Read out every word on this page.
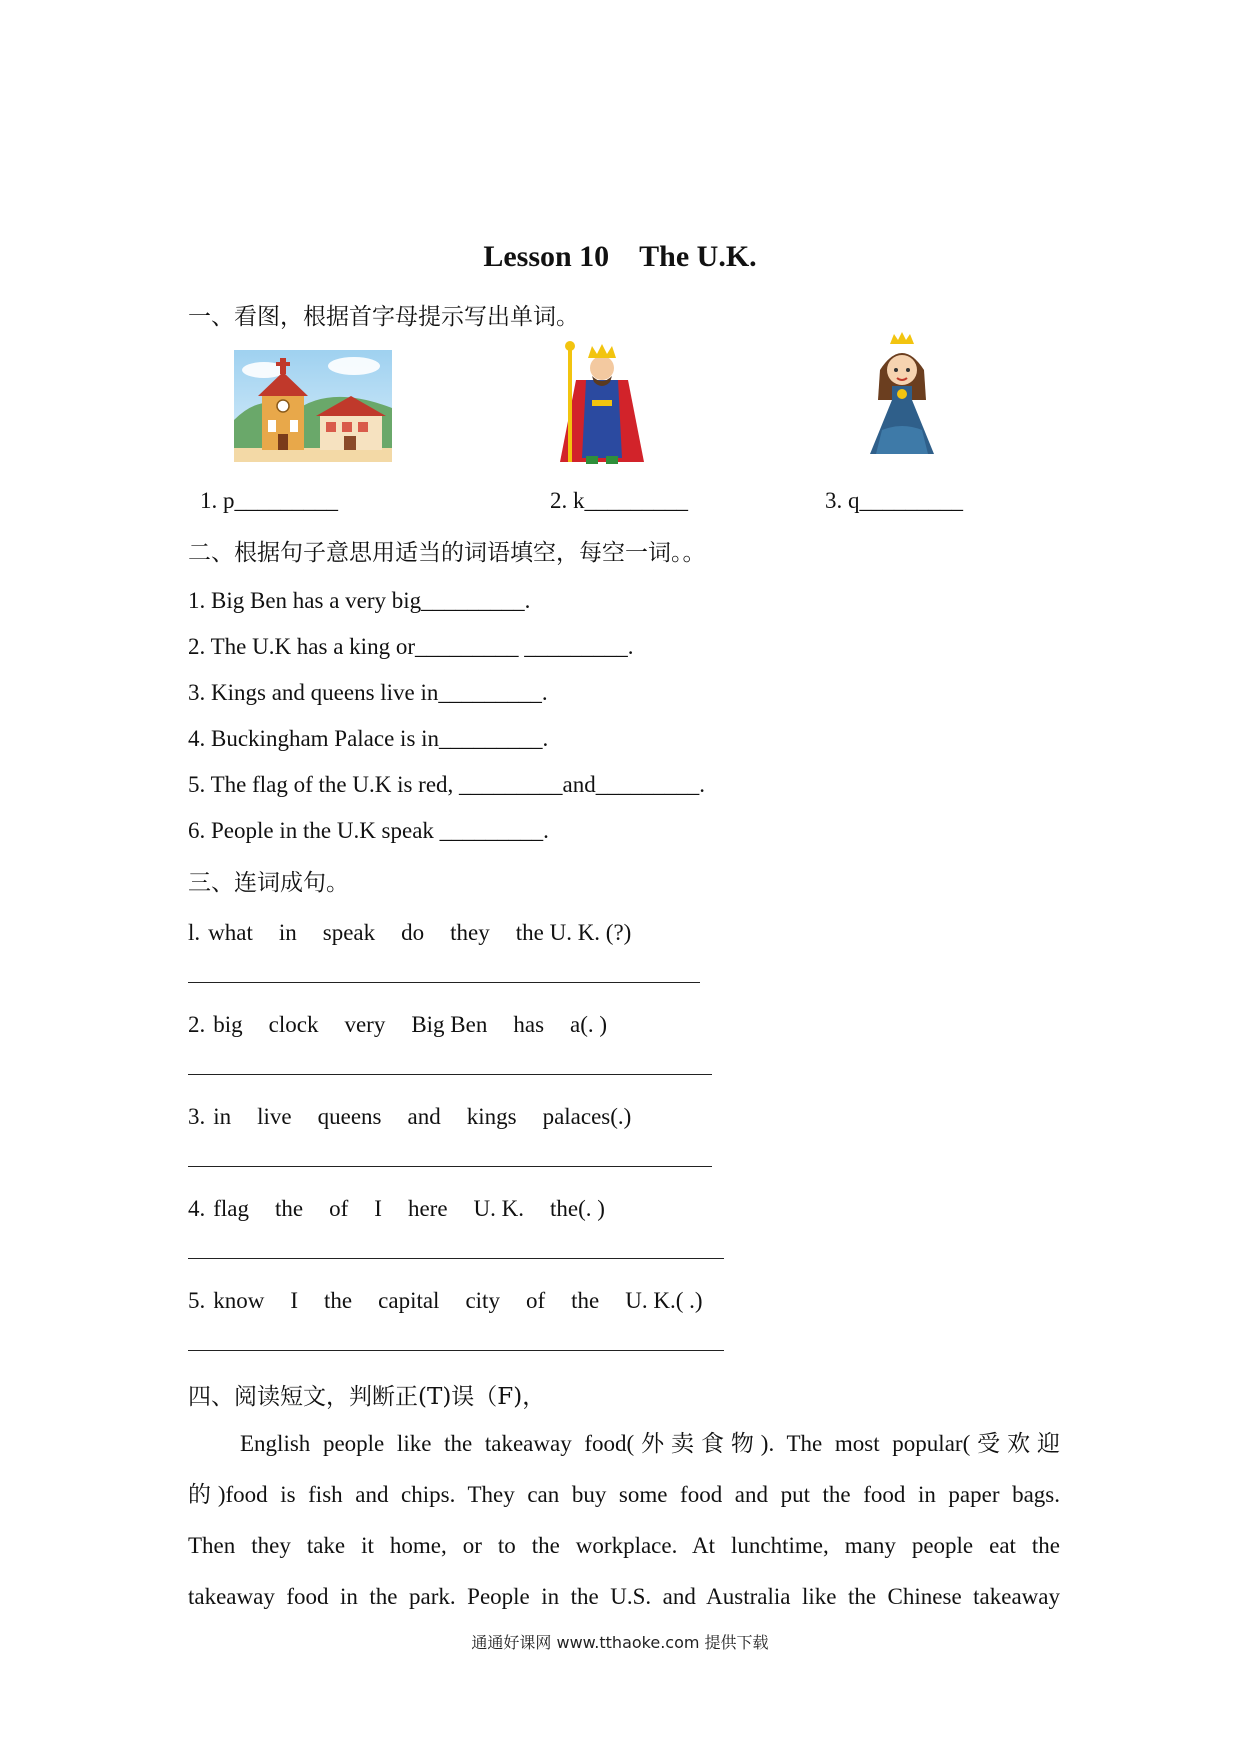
Lesson 10 The U.K.
一、看图，根据首字母提示写出单词。
1. p_________	2. k_________	3. q_________
二、根据句子意思用适当的词语填空，每空一词。。
1. Big Ben has a very big_________.
2. The U.K has a king or_________ _________.
3. Kings and queens live in_________.
4. Buckingham Palace is in_________.
5. The flag of the U.K is red, _________and_________.
6. People in the U.K speak _________.
三、连词成句。
l. what in speak do they the U. K. (?)
2. big clock very Big Ben has a(. )
3. in live queens and kings palaces(.)
4. flag the of I here U. K. the(. )
5. know I the capital city of the U. K.( .)
四、阅读短文，判断正(T)误（F)，
English people like the takeaway food(外卖食物). The most popular(受欢迎
的)food is fish and chips. They can buy some food and put the food in paper bags.
Then they take it home, or to the workplace. At lunchtime, many people eat the
takeaway food in the park. People in the U.S. and Australia like the Chinese takeaway
通通好课网 www.tthaoke.com 提供下载
